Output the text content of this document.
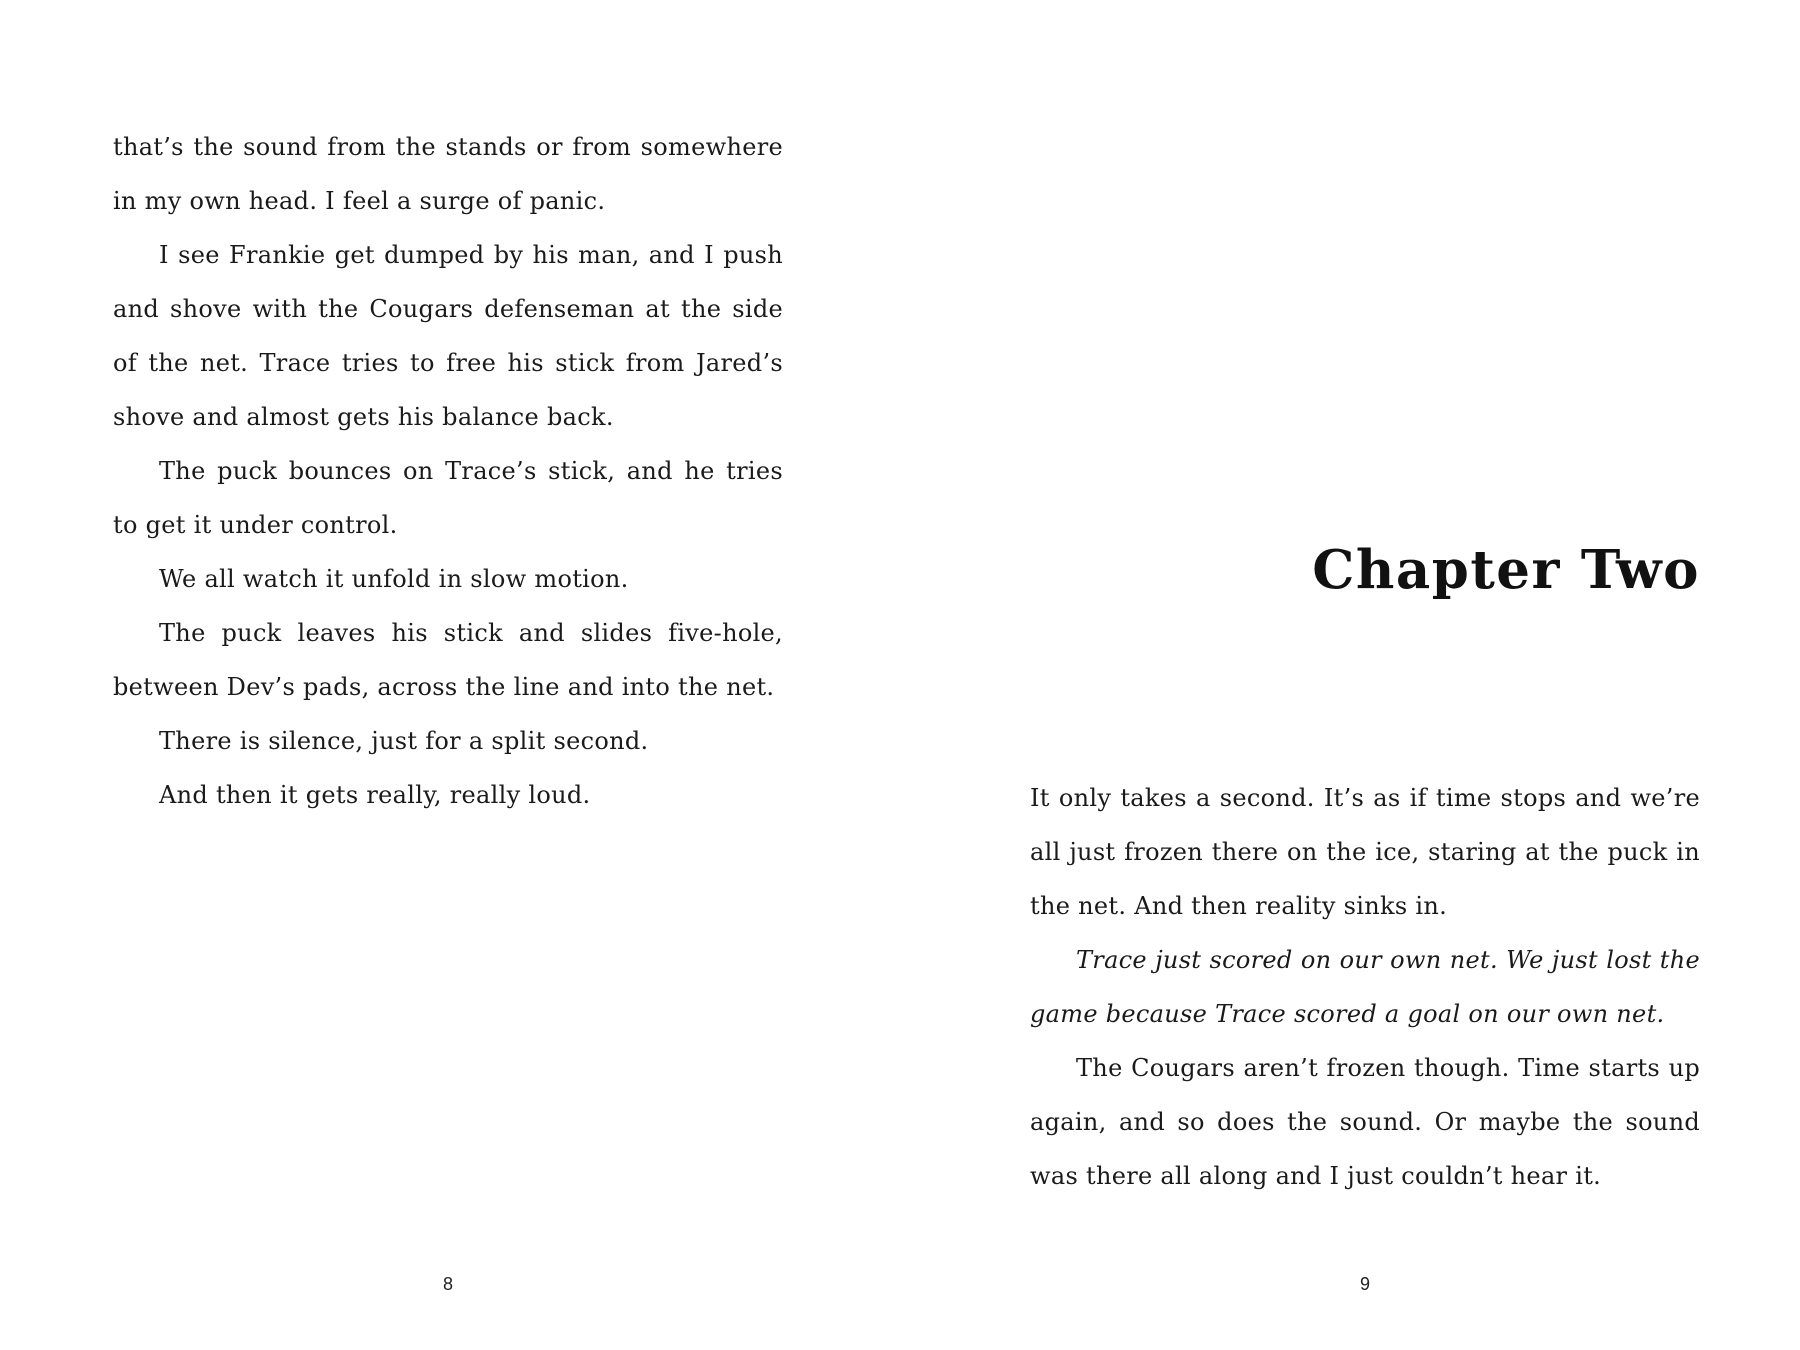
that’s the sound from the stands or from somewhere in my own head. I feel a surge of panic.

I see Frankie get dumped by his man, and I push and shove with the Cougars defenseman at the side of the net. Trace tries to free his stick from Jared’s shove and almost gets his balance back.

The puck bounces on Trace’s stick, and he tries to get it under control.

We all watch it unfold in slow motion.

The puck leaves his stick and slides five-hole, between Dev’s pads, across the line and into the net.

There is silence, just for a split second.

And then it gets really, really loud.

8
Chapter Two

It only takes a second. It’s as if time stops and we’re all just frozen there on the ice, staring at the puck in the net. And then reality sinks in.

Trace just scored on our own net. We just lost the game because Trace scored a goal on our own net.

The Cougars aren’t frozen though. Time starts up again, and so does the sound. Or maybe the sound was there all along and I just couldn’t hear it.

9
